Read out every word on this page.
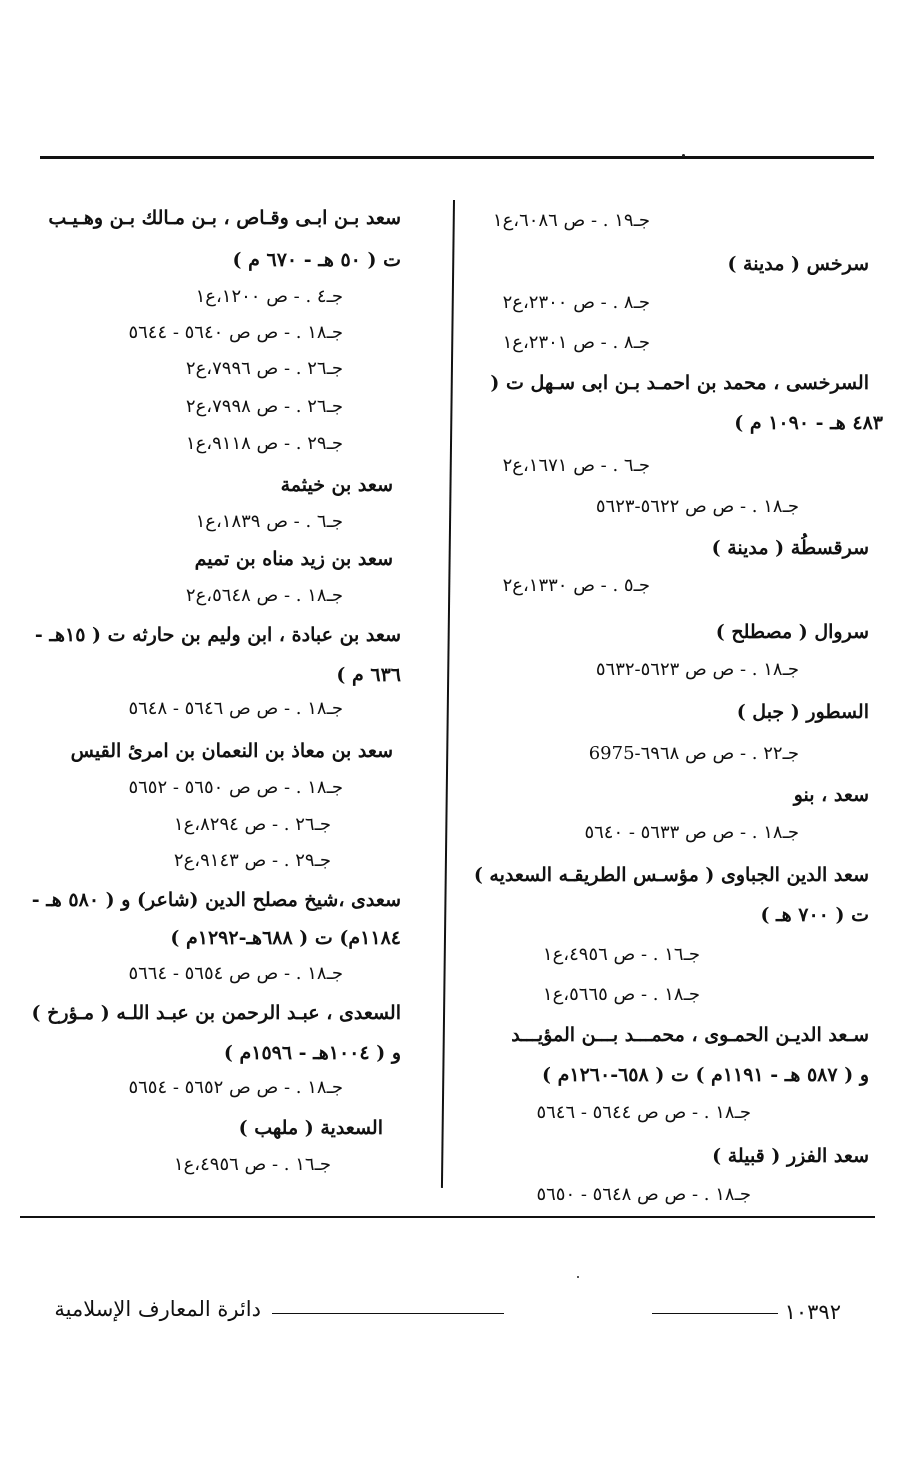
جـ١٩ . - ص ٦٠٨٦،ع١
سرخس ( مدينة )
جـ٨ . - ص ٢٣٠٠،ع٢
جـ٨ . - ص ٢٣٠١،ع١
السرخسى ، محمد بن احمـد بـن ابى سـهل ت (
٤٨٣ هـ - ١٠٩٠ م )
جـ٦ . - ص ١٦٧١،ع٢
جـ١٨ . - ص ص ٥٦٢٢-٥٦٢٣
سرقسطُة ( مدينة )
جـ٥ . - ص ١٣٣٠،ع٢
سروال ( مصطلح )
جـ١٨ . - ص ص ٥٦٢٣-٥٦٣٢
السطور ( جبل )
جـ٢٢ . - ص ص ٦٩٦٨-6975
سعد ، بنو
جـ١٨ . - ص ص ٥٦٣٣ - ٥٦٤٠
سعد الدين الجباوى ( مؤسـس الطريقـه السعديه )
ت ( ٧٠٠ هـ )
جـ١٦ . - ص ٤٩٥٦،ع١
جـ١٨ . - ص ٥٦٦٥،ع١
سـعد الديـن الحمـوى ، محمـــد بـــن المؤيـــد
و ( ٥٨٧ هـ - ١١٩١م ) ت ( ٦٥٨-١٢٦٠م )
جـ١٨ . - ص ص ٥٦٤٤ - ٥٦٤٦
سعد الفزر ( قبيلة )
جـ١٨ . - ص ص ٥٦٤٨ - ٥٦٥٠
سعد بـن ابـى وقـاص ، بـن مـالك بـن وهـيـب
ت ( ٥٠ هـ - ٦٧٠ م )
جـ٤ . - ص ١٢٠٠،ع١
جـ١٨ . - ص ص ٥٦٤٠ - ٥٦٤٤
جـ٢٦ . - ص ٧٩٩٦،ع٢
جـ٢٦ . - ص ٧٩٩٨،ع٢
جـ٢٩ . - ص ٩١١٨،ع١
سعد بن خيثمة
جـ٦ . - ص ١٨٣٩،ع١
سعد بن زيد مناه بن تميم
جـ١٨ . - ص ٥٦٤٨،ع٢
سعد بن عبادة ، ابن وليم بن حارثه ت ( ١٥هـ -
٦٣٦ م )
جـ١٨ . - ص ص ٥٦٤٦ - ٥٦٤٨
سعد بن معاذ بن النعمان بن امرئ القيس
جـ١٨ . - ص ص ٥٦٥٠ - ٥٦٥٢
جـ٢٦ . - ص ٨٢٩٤،ع١
جـ٢٩ . - ص ٩١٤٣،ع٢
سعدى ،شيخ مصلح الدين (شاعر) و ( ٥٨٠ هـ -
١١٨٤م) ت ( ٦٨٨هـ-١٢٩٢م )
جـ١٨ . - ص ص ٥٦٥٤ - ٥٦٦٤
السعدى ، عبـد الرحمن بن عبـد اللـه ( مـؤرخ )
و ( ١٠٠٤هـ - ١٥٩٦م )
جـ١٨ . - ص ص ٥٦٥٢ - ٥٦٥٤
السعدية ( ملهب )
جـ١٦ . - ص ٤٩٥٦،ع١
١٠٣٩٢
دائرة المعارف الإسلامية
